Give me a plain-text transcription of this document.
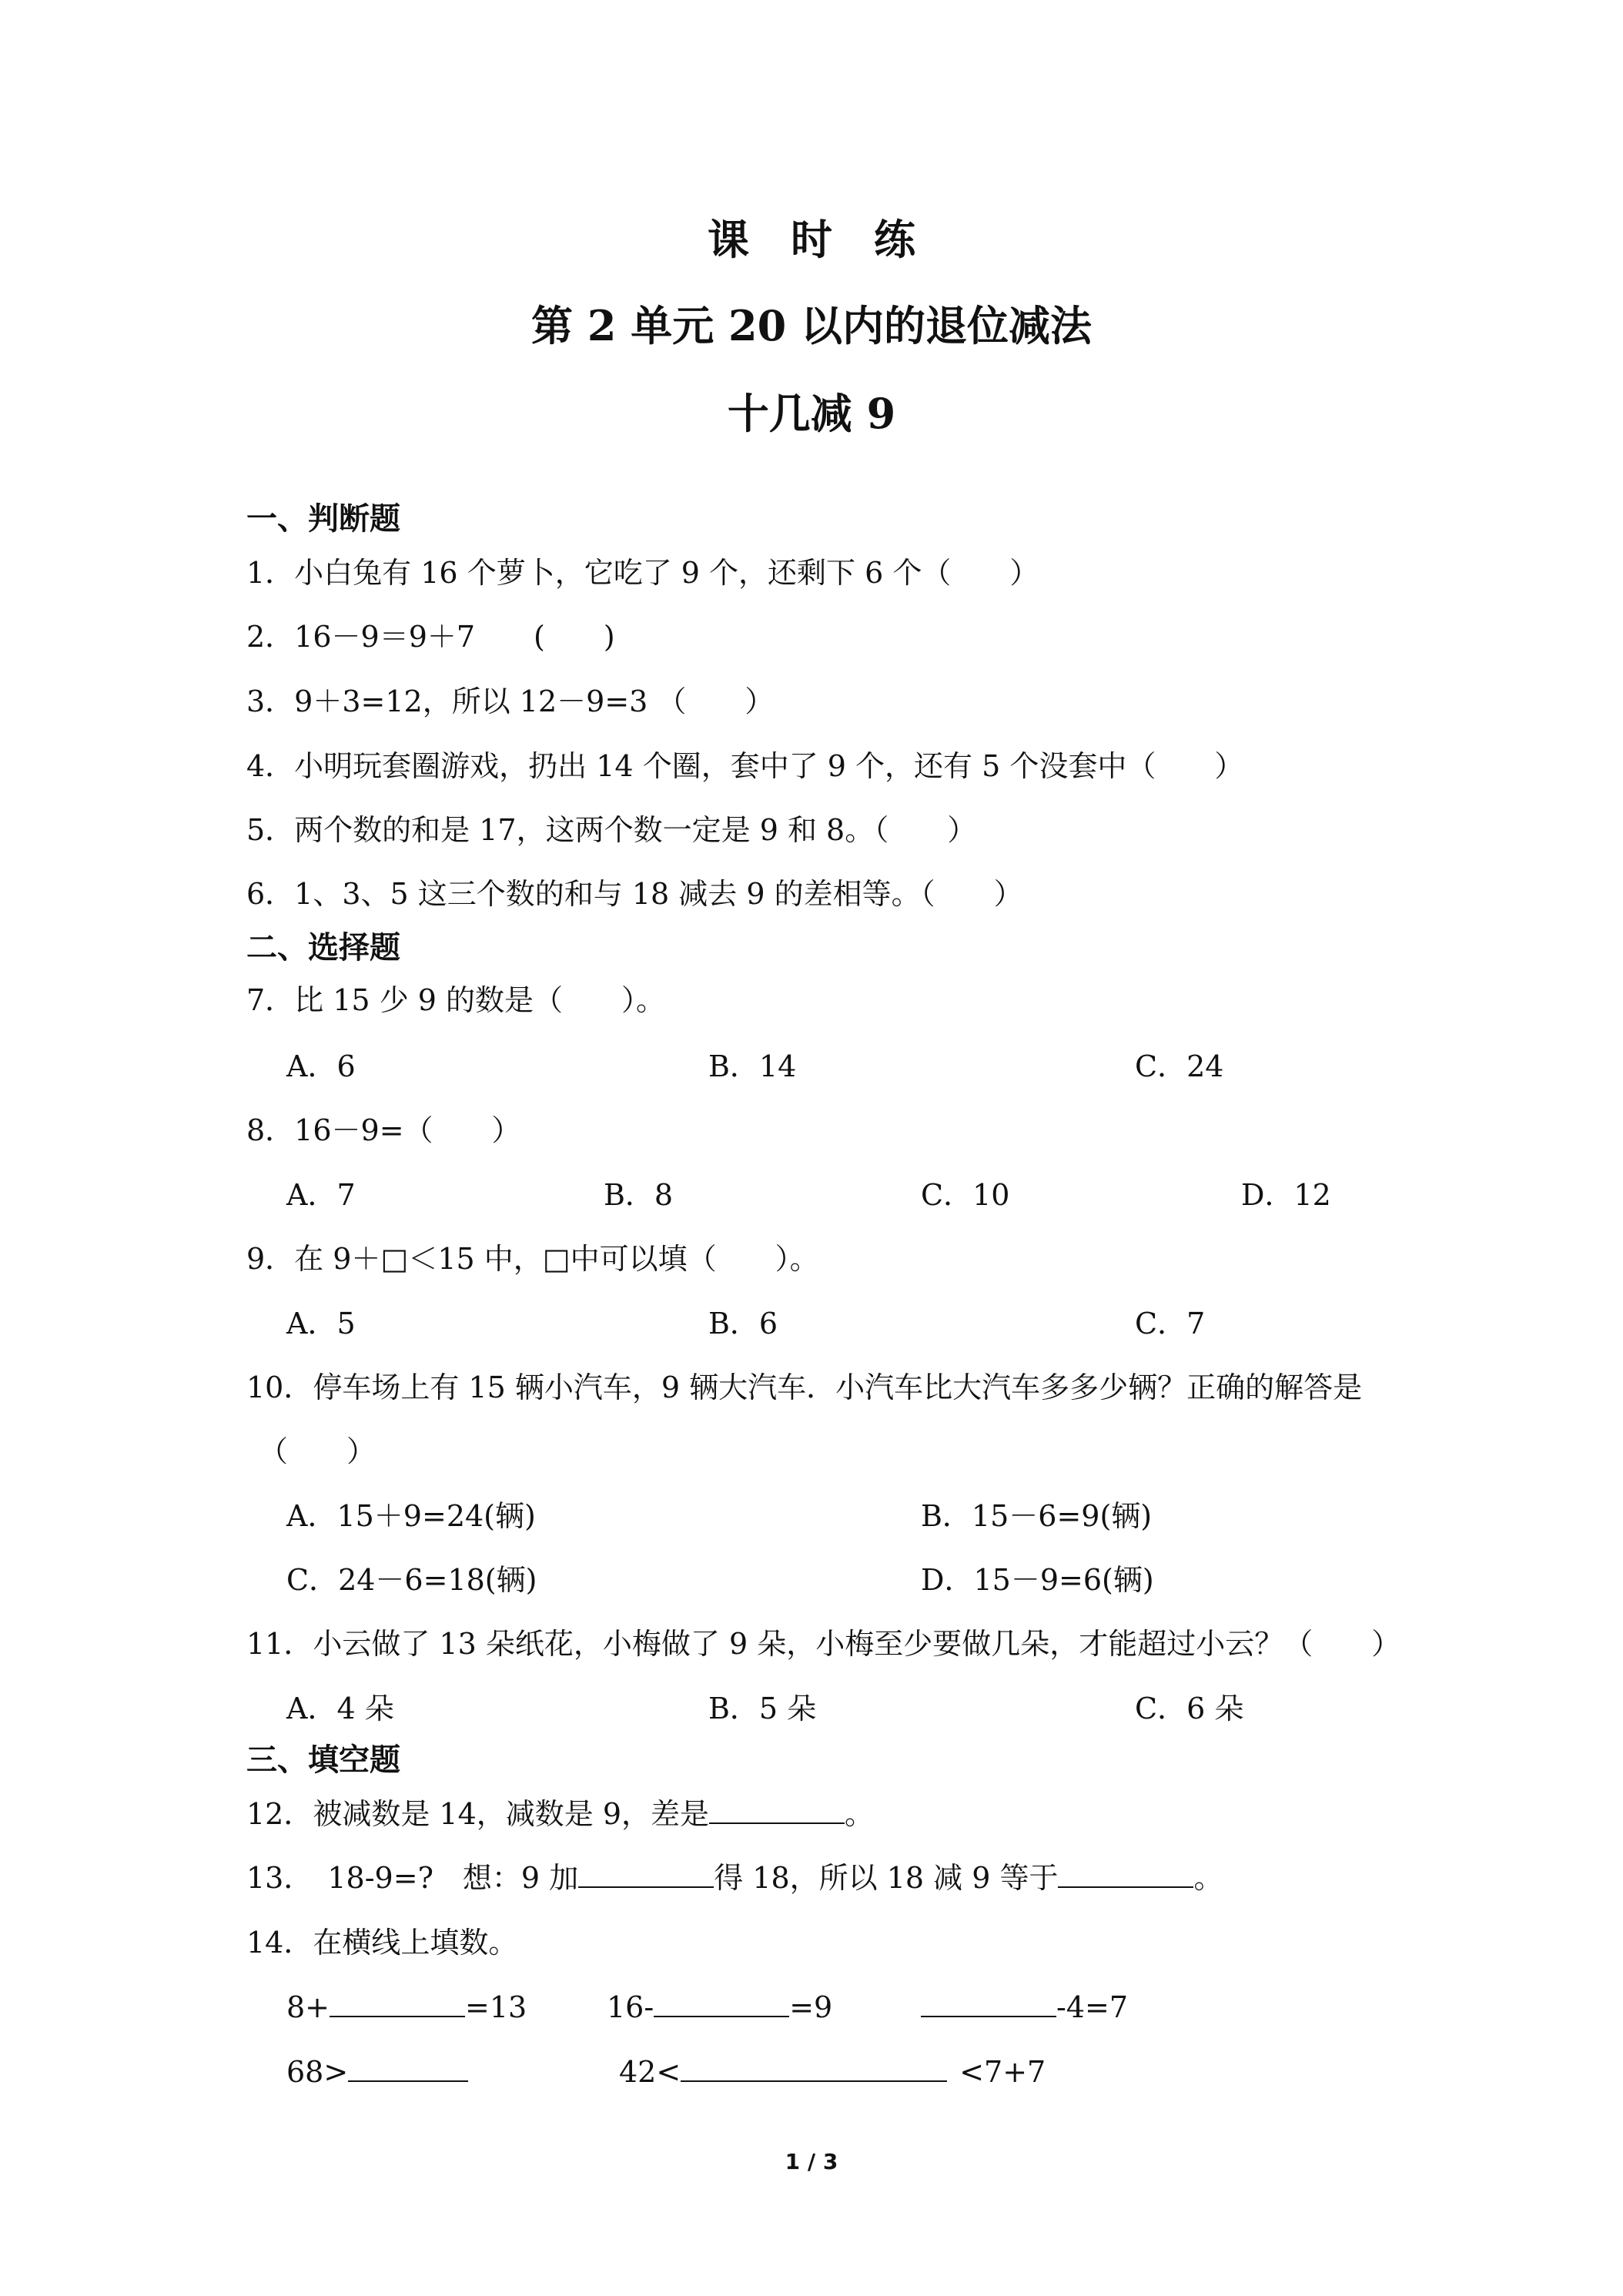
课　时　练
第 2 单元 20 以内的退位减法
十几减 9
一、判断题
1．小白兔有 16 个萝卜，它吃了 9 个，还剩下 6 个（　　）
2．16－9＝9＋7　　(　　)
3．9＋3=12，所以 12－9=3 （　　）
4．小明玩套圈游戏，扔出 14 个圈，套中了 9 个，还有 5 个没套中（　　）
5．两个数的和是 17，这两个数一定是 9 和 8。（　　）
6．1、3、5 这三个数的和与 18 减去 9 的差相等。（　　）
二、选择题
7．比 15 少 9 的数是（　　）。
A．6	B．14	C．24
8．16－9=（　　）
A．7	B．8	C．10	D．12
9．在 9＋□＜15 中，□中可以填（　　）。
A．5	B．6	C．7
10．停车场上有 15 辆小汽车，9 辆大汽车．小汽车比大汽车多多少辆？正确的解答是
（　　）
A．15＋9=24(辆)	B．15－6=9(辆)
C．24－6=18(辆)	D．15－9=6(辆)
11．小云做了 13 朵纸花，小梅做了 9 朵，小梅至少要做几朵，才能超过小云？（　　）
A．4 朵	B．5 朵	C．6 朵
三、填空题
12．被减数是 14，减数是 9，差是	。
13．　18-9=?　想：9 加	得 18，所以 18 减 9 等于	。
14．在横线上填数。
8+	=13	16-	=9	-4=7
68>	42<	<7+7
1 / 3
